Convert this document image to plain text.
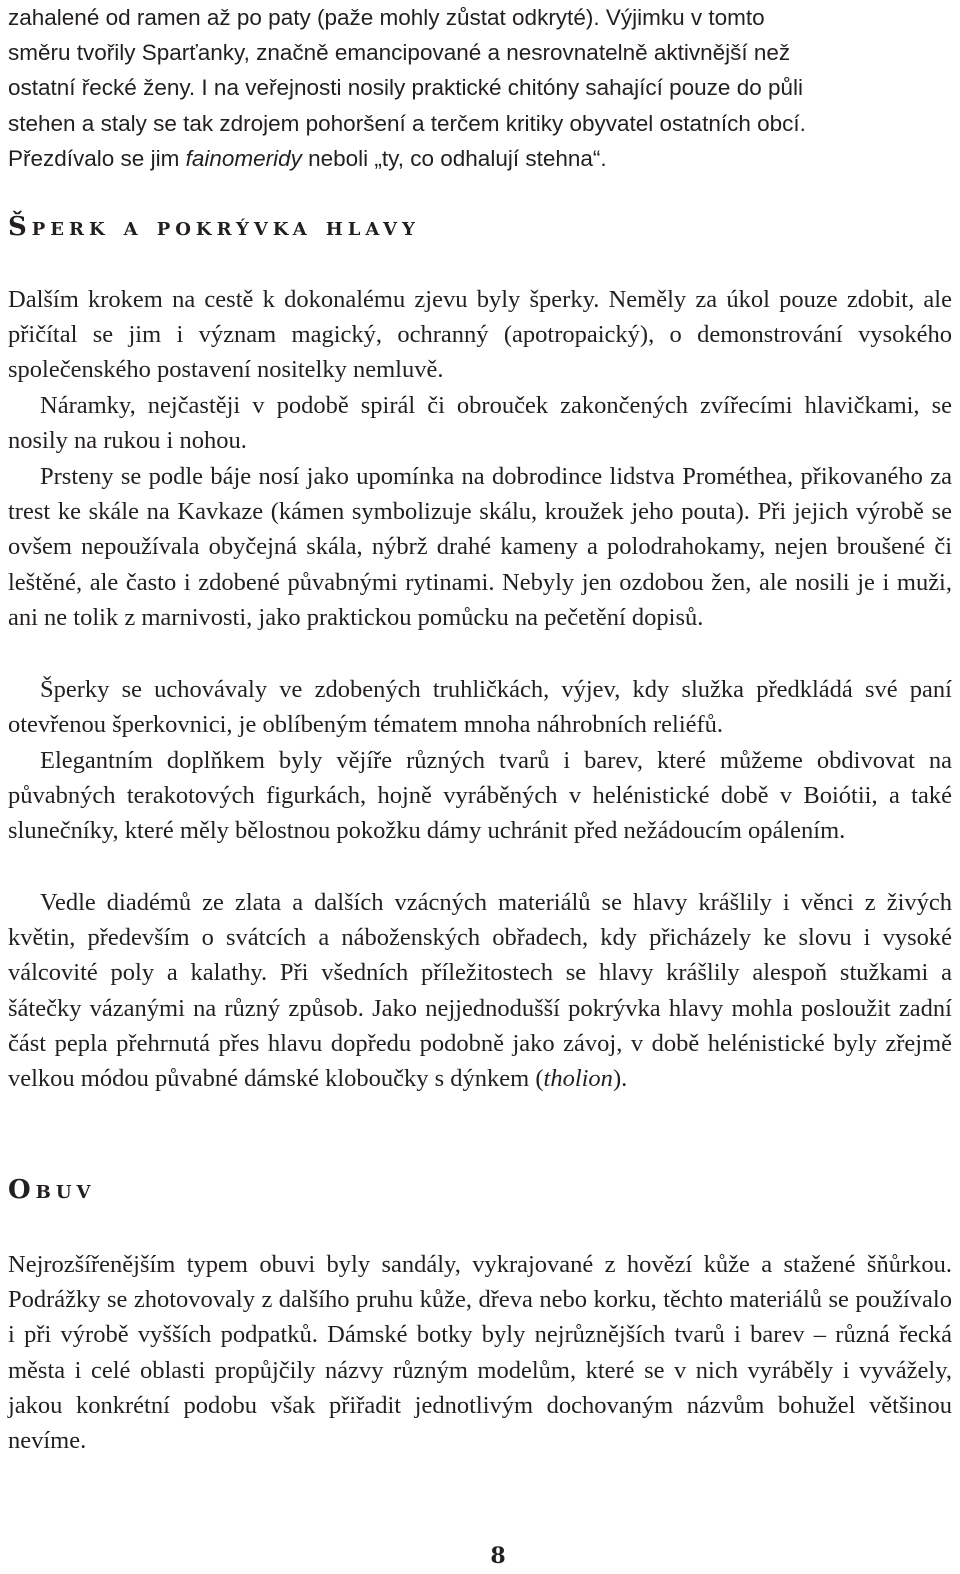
zahalené od ramen až po paty (paže mohly zůstat odkryté). Výjimku v tomto
směru tvořily Sparťanky, značně emancipované a nesrovnatelně aktivnější než
ostatní řecké ženy. I na veřejnosti nosily praktické chitóny sahající pouze do půli
stehen a staly se tak zdrojem pohoršení a terčem kritiky obyvatel ostatních obcí.
Přezdívalo se jim fainomeridy neboli „ty, co odhalují stehna“.
Šperk a pokrývka hlavy

Dalším krokem na cestě k dokonalému zjevu byly šperky. Neměly za úkol pouze zdobit, ale přičítal se jim i význam magický, ochranný (apotropaický), o demonstrování vysokého společenského postavení nositelky nemluvě.

Náramky, nejčastěji v podobě spirál či obrouček zakončených zvířecími hlavičkami, se nosily na rukou i nohou.

Prsteny se podle báje nosí jako upomínka na dobrodince lidstva Prométhea, přikovaného za trest ke skále na Kavkaze (kámen symbolizuje skálu, kroužek jeho pouta). Při jejich výrobě se ovšem nepoužívala obyčejná skála, nýbrž drahé kameny a polodrahokamy, nejen broušené či leštěné, ale často i zdobené půvabnými rytinami. Nebyly jen ozdobou žen, ale nosili je i muži, ani ne tolik z marnivosti, jako praktickou pomůcku na pečetění dopisů.

Šperky se uchovávaly ve zdobených truhličkách, výjev, kdy služka předkládá své paní otevřenou šperkovnici, je oblíbeným tématem mnoha náhrobních reliéfů.

Elegantním doplňkem byly vějíře různých tvarů i barev, které můžeme obdivovat na půvabných terakotových figurkách, hojně vyráběných v helénistické době v Boiótii, a také slunečníky, které měly bělostnou pokožku dámy uchránit před nežádoucím opálením.

Vedle diadémů ze zlata a dalších vzácných materiálů se hlavy krášlily i věnci z živých květin, především o svátcích a náboženských obřadech, kdy přicházely ke slovu i vysoké válcovité poly a kalathy. Při všedních příležitostech se hlavy krášlily alespoň stužkami a šátečky vázanými na různý způsob. Jako nejjednodušší pokrývka hlavy mohla posloužit zadní část pepla přehrnutá přes hlavu dopředu podobně jako závoj, v době helénistické byly zřejmě velkou módou půvabné dámské kloboučky s dýnkem (tholion).

Obuv

Nejrozšířenějším typem obuvi byly sandály, vykrajované z hovězí kůže a stažené šňůrkou. Podrážky se zhotovovaly z dalšího pruhu kůže, dřeva nebo korku, těchto materiálů se používalo i při výrobě vyšších podpatků. Dámské botky byly nejrůznějších tvarů i barev – různá řecká města i celé oblasti propůjčily názvy různým modelům, které se v nich vyráběly i vyvážely, jakou konkrétní podobu však přiřadit jednotlivým dochovaným názvům bohužel většinou nevíme.

8
